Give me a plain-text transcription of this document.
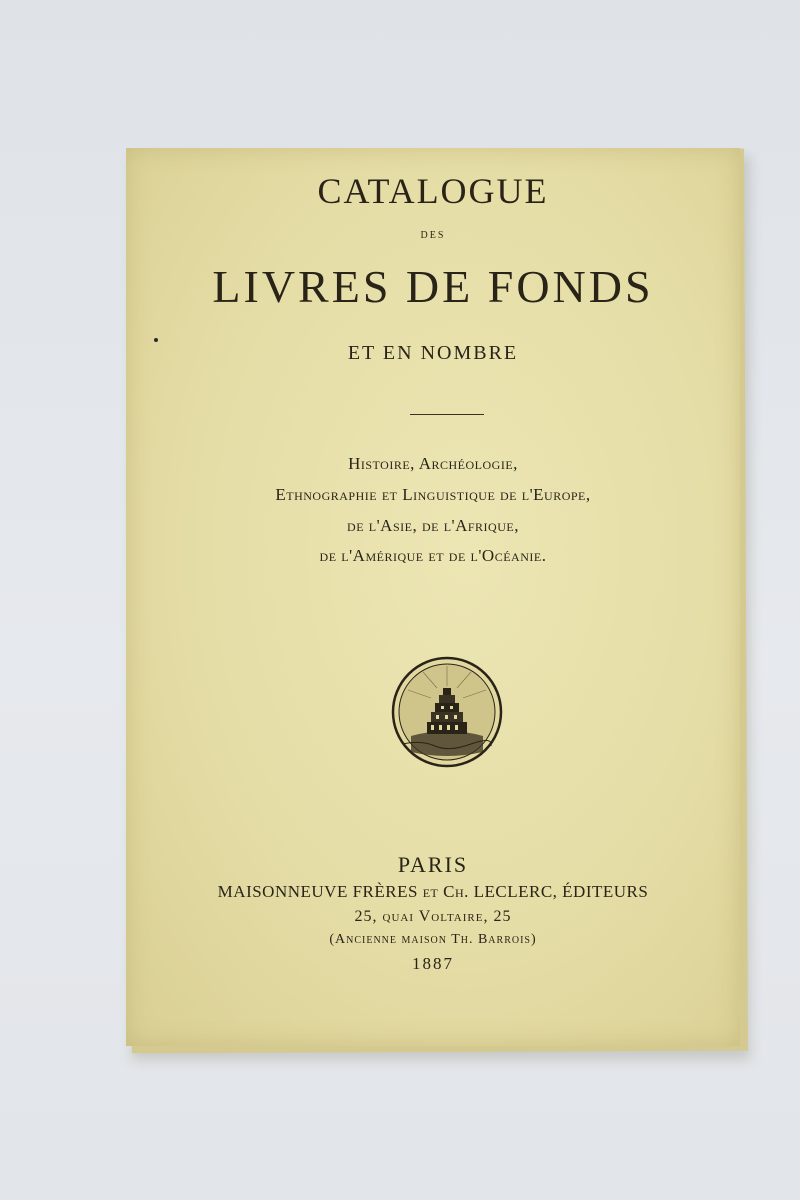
CATALOGUE
DES
LIVRES DE FONDS
ET EN NOMBRE
Histoire, Archéologie,
Ethnographie et Linguistique de l'Europe,
de l'Asie, de l'Afrique,
de l'Amérique et de l'Océanie.
PARIS
MAISONNEUVE FRÈRES et Ch. LECLERC, ÉDITEURS
25, quai Voltaire, 25
(Ancienne maison Th. Barrois)
1887
